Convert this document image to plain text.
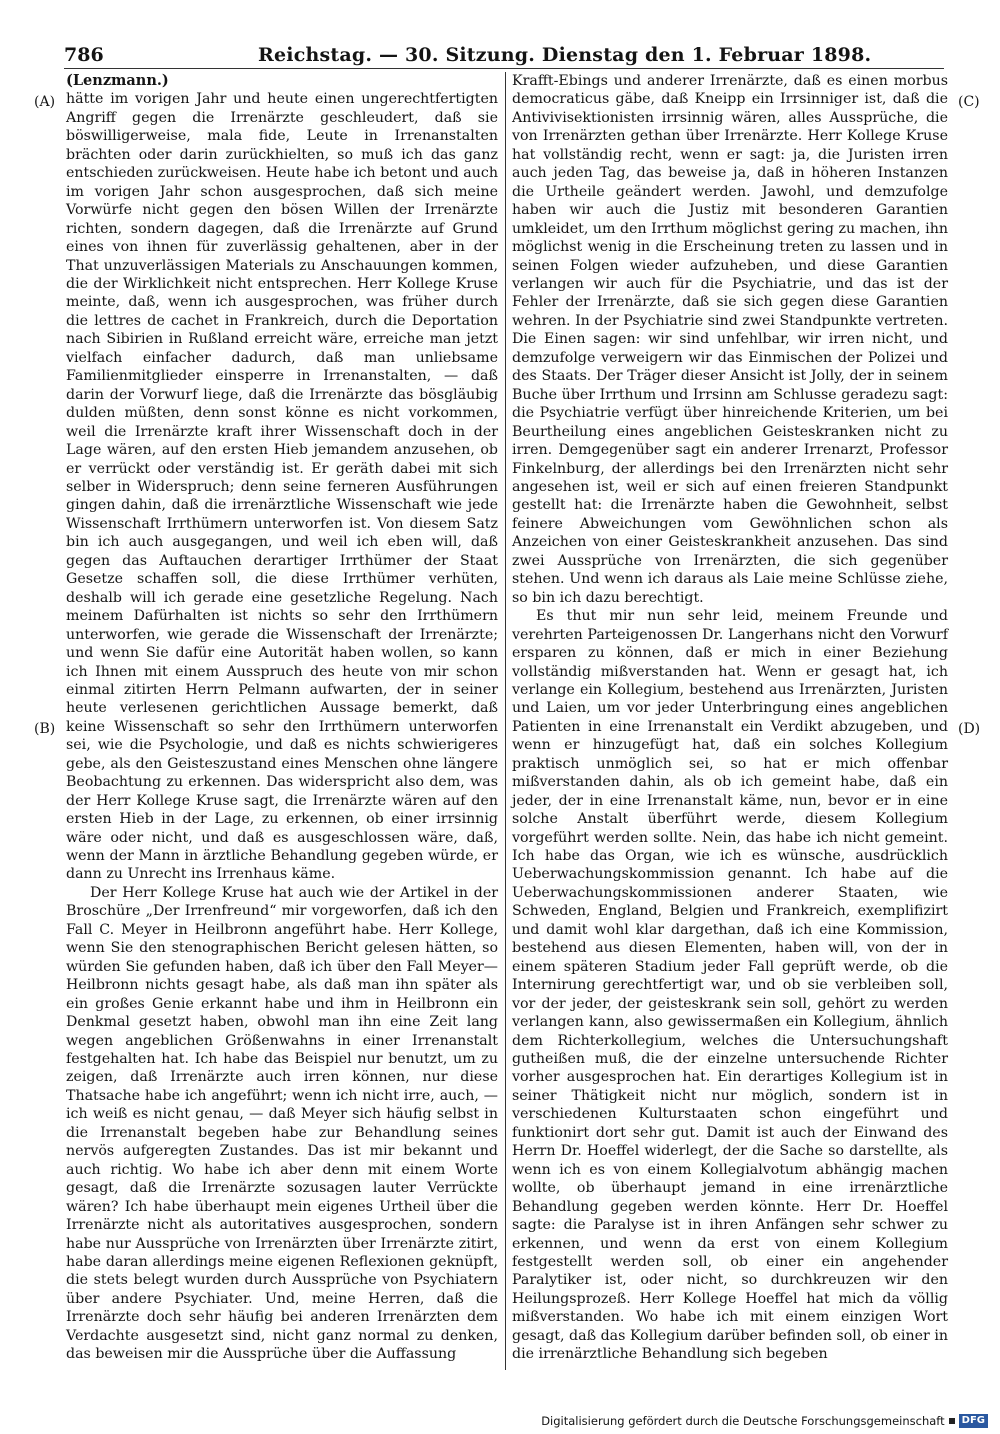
786	Reichstag. — 30. Sitzung. Dienstag den 1. Februar 1898.
(A)
(B)
(C)
(D)

(Lenzmann.)

hätte im vorigen Jahr und heute einen ungerechtfertigten Angriff gegen die Irrenärzte geschleudert, daß sie böswilligerweise, mala fide, Leute in Irrenanstalten brächten oder darin zurückhielten, so muß ich das ganz entschieden zurückweisen. Heute habe ich betont und auch im vorigen Jahr schon ausgesprochen, daß sich meine Vorwürfe nicht gegen den bösen Willen der Irrenärzte richten, sondern dagegen, daß die Irrenärzte auf Grund eines von ihnen für zuverlässig gehaltenen, aber in der That unzuverlässigen Materials zu Anschauungen kommen, die der Wirklichkeit nicht entsprechen. Herr Kollege Kruse meinte, daß, wenn ich ausgesprochen, was früher durch die lettres de cachet in Frankreich, durch die Deportation nach Sibirien in Rußland erreicht wäre, erreiche man jetzt vielfach einfacher dadurch, daß man unliebsame Familienmitglieder einsperre in Irrenanstalten, — daß darin der Vorwurf liege, daß die Irrenärzte das bösgläubig dulden müßten, denn sonst könne es nicht vorkommen, weil die Irrenärzte kraft ihrer Wissenschaft doch in der Lage wären, auf den ersten Hieb jemandem anzusehen, ob er verrückt oder verständig ist. Er geräth dabei mit sich selber in Widerspruch; denn seine ferneren Ausführungen gingen dahin, daß die irrenärztliche Wissenschaft wie jede Wissenschaft Irrthümern unterworfen ist. Von diesem Satz bin ich auch ausgegangen, und weil ich eben will, daß gegen das Auftauchen derartiger Irrthümer der Staat Gesetze schaffen soll, die diese Irrthümer verhüten, deshalb will ich gerade eine gesetzliche Regelung. Nach meinem Dafürhalten ist nichts so sehr den Irrthümern unterworfen, wie gerade die Wissenschaft der Irrenärzte; und wenn Sie dafür eine Autorität haben wollen, so kann ich Ihnen mit einem Ausspruch des heute von mir schon einmal zitirten Herrn Pelmann aufwarten, der in seiner heute verlesenen gerichtlichen Aussage bemerkt, daß keine Wissenschaft so sehr den Irrthümern unterworfen sei, wie die Psychologie, und daß es nichts schwierigeres gebe, als den Geisteszustand eines Menschen ohne längere Beobachtung zu erkennen. Das widerspricht also dem, was der Herr Kollege Kruse sagt, die Irrenärzte wären auf den ersten Hieb in der Lage, zu erkennen, ob einer irrsinnig wäre oder nicht, und daß es ausgeschlossen wäre, daß, wenn der Mann in ärztliche Behandlung gegeben würde, er dann zu Unrecht ins Irrenhaus käme.

Der Herr Kollege Kruse hat auch wie der Artikel in der Broschüre „Der Irrenfreund“ mir vorgeworfen, daß ich den Fall C. Meyer in Heilbronn angeführt habe. Herr Kollege, wenn Sie den stenographischen Bericht gelesen hätten, so würden Sie gefunden haben, daß ich über den Fall Meyer—Heilbronn nichts gesagt habe, als daß man ihn später als ein großes Genie erkannt habe und ihm in Heilbronn ein Denkmal gesetzt haben, obwohl man ihn eine Zeit lang wegen angeblichen Größenwahns in einer Irrenanstalt festgehalten hat. Ich habe das Beispiel nur benutzt, um zu zeigen, daß Irrenärzte auch irren können, nur diese Thatsache habe ich angeführt; wenn ich nicht irre, auch, — ich weiß es nicht genau, — daß Meyer sich häufig selbst in die Irrenanstalt begeben habe zur Behandlung seines nervös aufgeregten Zustandes. Das ist mir bekannt und auch richtig. Wo habe ich aber denn mit einem Worte gesagt, daß die Irrenärzte sozusagen lauter Verrückte wären? Ich habe überhaupt mein eigenes Urtheil über die Irrenärzte nicht als autoritatives ausgesprochen, sondern habe nur Aussprüche von Irrenärzten über Irrenärzte zitirt, habe daran allerdings meine eigenen Reflexionen geknüpft, die stets belegt wurden durch Aussprüche von Psychiatern über andere Psychiater. Und, meine Herren, daß die Irrenärzte doch sehr häufig bei anderen Irrenärzten dem Verdachte ausgesetzt sind, nicht ganz normal zu denken, das beweisen mir die Aussprüche über die Auffassung

Krafft-Ebings und anderer Irrenärzte, daß es einen morbus democraticus gäbe, daß Kneipp ein Irrsinniger ist, daß die Antivivisektionisten irrsinnig wären, alles Aussprüche, die von Irrenärzten gethan über Irrenärzte. Herr Kollege Kruse hat vollständig recht, wenn er sagt: ja, die Juristen irren auch jeden Tag, das beweise ja, daß in höheren Instanzen die Urtheile geändert werden. Jawohl, und demzufolge haben wir auch die Justiz mit besonderen Garantien umkleidet, um den Irrthum möglichst gering zu machen, ihn möglichst wenig in die Erscheinung treten zu lassen und in seinen Folgen wieder aufzuheben, und diese Garantien verlangen wir auch für die Psychiatrie, und das ist der Fehler der Irrenärzte, daß sie sich gegen diese Garantien wehren. In der Psychiatrie sind zwei Standpunkte vertreten. Die Einen sagen: wir sind unfehlbar, wir irren nicht, und demzufolge verweigern wir das Einmischen der Polizei und des Staats. Der Träger dieser Ansicht ist Jolly, der in seinem Buche über Irrthum und Irrsinn am Schlusse geradezu sagt: die Psychiatrie verfügt über hinreichende Kriterien, um bei Beurtheilung eines angeblichen Geisteskranken nicht zu irren. Demgegenüber sagt ein anderer Irrenarzt, Professor Finkelnburg, der allerdings bei den Irrenärzten nicht sehr angesehen ist, weil er sich auf einen freieren Standpunkt gestellt hat: die Irrenärzte haben die Gewohnheit, selbst feinere Abweichungen vom Gewöhnlichen schon als Anzeichen von einer Geisteskrankheit anzusehen. Das sind zwei Aussprüche von Irrenärzten, die sich gegenüber stehen. Und wenn ich daraus als Laie meine Schlüsse ziehe, so bin ich dazu berechtigt.

Es thut mir nun sehr leid, meinem Freunde und verehrten Parteigenossen Dr. Langerhans nicht den Vorwurf ersparen zu können, daß er mich in einer Beziehung vollständig mißverstanden hat. Wenn er gesagt hat, ich verlange ein Kollegium, bestehend aus Irrenärzten, Juristen und Laien, um vor jeder Unterbringung eines angeblichen Patienten in eine Irrenanstalt ein Verdikt abzugeben, und wenn er hinzugefügt hat, daß ein solches Kollegium praktisch unmöglich sei, so hat er mich offenbar mißverstanden dahin, als ob ich gemeint habe, daß ein jeder, der in eine Irrenanstalt käme, nun, bevor er in eine solche Anstalt überführt werde, diesem Kollegium vorgeführt werden sollte. Nein, das habe ich nicht gemeint. Ich habe das Organ, wie ich es wünsche, ausdrücklich Ueberwachungskommission genannt. Ich habe auf die Ueberwachungskommissionen anderer Staaten, wie Schweden, England, Belgien und Frankreich, exemplifizirt und damit wohl klar dargethan, daß ich eine Kommission, bestehend aus diesen Elementen, haben will, von der in einem späteren Stadium jeder Fall geprüft werde, ob die Internirung gerechtfertigt war, und ob sie verbleiben soll, vor der jeder, der geisteskrank sein soll, gehört zu werden verlangen kann, also gewissermaßen ein Kollegium, ähnlich dem Richterkollegium, welches die Untersuchungshaft gutheißen muß, die der einzelne untersuchende Richter vorher ausgesprochen hat. Ein derartiges Kollegium ist in seiner Thätigkeit nicht nur möglich, sondern ist in verschiedenen Kulturstaaten schon eingeführt und funktionirt dort sehr gut. Damit ist auch der Einwand des Herrn Dr. Hoeffel widerlegt, der die Sache so darstellte, als wenn ich es von einem Kollegialvotum abhängig machen wollte, ob überhaupt jemand in eine irrenärztliche Behandlung gegeben werden könnte. Herr Dr. Hoeffel sagte: die Paralyse ist in ihren Anfängen sehr schwer zu erkennen, und wenn da erst von einem Kollegium festgestellt werden soll, ob einer ein angehender Paralytiker ist, oder nicht, so durchkreuzen wir den Heilungsprozeß. Herr Kollege Hoeffel hat mich da völlig mißverstanden. Wo habe ich mit einem einzigen Wort gesagt, daß das Kollegium darüber befinden soll, ob einer in die irrenärztliche Behandlung sich begeben

Digitalisierung gefördert durch die Deutsche Forschungsgemeinschaft	DFG
